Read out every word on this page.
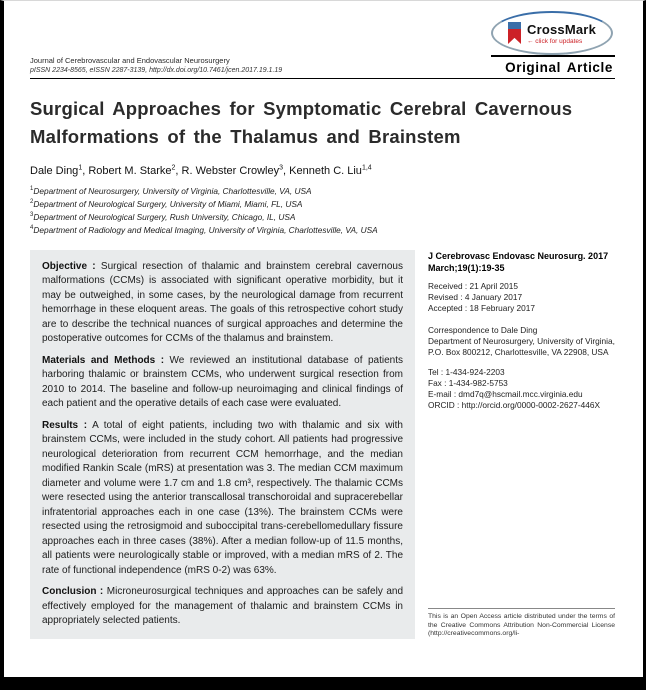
CrossMark
← click for updates
Journal of Cerebrovascular and Endovascular Neurosurgery
pISSN 2234-8565, eISSN 2287-3139, http://dx.doi.org/10.7461/jcen.2017.19.1.19	Original Article
Surgical Approaches for Symptomatic Cerebral Cavernous Malformations of the Thalamus and Brainstem
Dale Ding$^1$ , Robert M. Starke$^2$ , R. Webster Crowley$^3$ , Kenneth C. Liu$^{1,4}$
$^1$Department of Neurosurgery, University of Virginia, Charlottesville, VA, USA
$^2$Department of Neurological Surgery, University of Miami, Miami, FL, USA
$^3$Department of Neurological Surgery, Rush University, Chicago, IL, USA
$^4$Department of Radiology and Medical Imaging, University of Virginia, Charlottesville, VA, USA
Objective : Surgical resection of thalamic and brainstem cerebral cavernous malformations (CCMs) is associated with significant operative morbidity, but it may be outweighed, in some cases, by the neurological damage from recurrent hemorrhage in these eloquent areas. The goals of this retrospective cohort study are to describe the technical nuances of surgical approaches and determine the postoperative outcomes for CCMs of the thalamus and brainstem.
Materials and Methods : We reviewed an institutional database of patients harboring thalamic or brainstem CCMs, who underwent surgical resection from 2010 to 2014. The baseline and follow-up neuroimaging and clinical findings of each patient and the operative details of each case were evaluated.
Results : A total of eight patients, including two with thalamic and six with brainstem CCMs, were included in the study cohort. All patients had progressive neurological deterioration from recurrent CCM hemorrhage, and the median modified Rankin Scale (mRS) at presentation was 3. The median CCM maximum diameter and volume were 1.7 cm and 1.8 cm³, respectively. The thalamic CCMs were resected using the anterior transcallosal transchoroidal and supracerebellar infratentorial approaches each in one case (13%). The brainstem CCMs were resected using the retrosigmoid and suboccipital trans-cerebellomedullary fissure approaches each in three cases (38%). After a median follow-up of 11.5 months, all patients were neurologically stable or improved, with a median mRS of 2. The rate of functional independence (mRS 0-2) was 63%.
Conclusion : Microneurosurgical techniques and approaches can be safely and effectively employed for the management of thalamic and brainstem CCMs in appropriately selected patients.
J Cerebrovasc Endovasc Neurosurg. 2017 March;19(1):19-35
Received : 21 April 2015
Revised : 4 January 2017
Accepted : 18 February 2017
Correspondence to Dale Ding
Department of Neurosurgery, University of Virginia, P.O. Box 800212, Charlottesville, VA 22908, USA
Tel : 1-434-924-2203
Fax : 1-434-982-5753
E-mail : dmd7q@hscmail.mcc.virginia.edu
ORCID : http://orcid.org/0000-0002-2627-446X
This is an Open Access article distributed under the terms of the Creative Commons Attribution Non-Commercial License (http://creativecommons.org/li-
